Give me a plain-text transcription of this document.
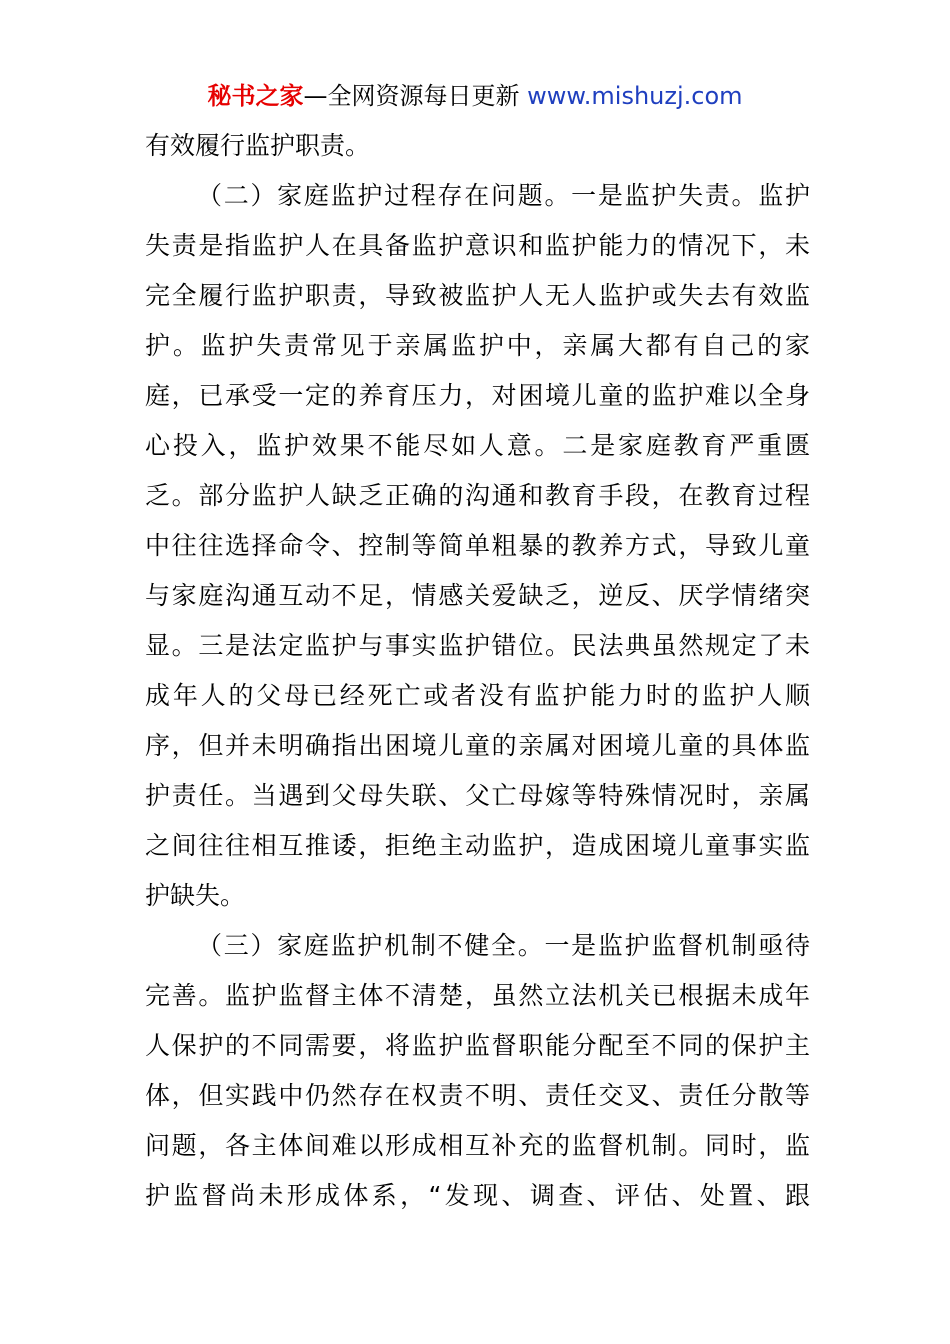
秘书之家—全网资源每日更新 www.mishuzj.com
有效履行监护职责。
（二）家庭监护过程存在问题。一是监护失责。监护
失责是指监护人在具备监护意识和监护能力的情况下，未
完全履行监护职责，导致被监护人无人监护或失去有效监
护。监护失责常见于亲属监护中，亲属大都有自己的家
庭，已承受一定的养育压力，对困境儿童的监护难以全身
心投入，监护效果不能尽如人意。二是家庭教育严重匮
乏。部分监护人缺乏正确的沟通和教育手段，在教育过程
中往往选择命令、控制等简单粗暴的教养方式，导致儿童
与家庭沟通互动不足，情感关爱缺乏，逆反、厌学情绪突
显。三是法定监护与事实监护错位。民法典虽然规定了未
成年人的父母已经死亡或者没有监护能力时的监护人顺
序，但并未明确指出困境儿童的亲属对困境儿童的具体监
护责任。当遇到父母失联、父亡母嫁等特殊情况时，亲属
之间往往相互推诿，拒绝主动监护，造成困境儿童事实监
护缺失。
（三）家庭监护机制不健全。一是监护监督机制亟待
完善。监护监督主体不清楚，虽然立法机关已根据未成年
人保护的不同需要，将监护监督职能分配至不同的保护主
体，但实践中仍然存在权责不明、责任交叉、责任分散等
问题，各主体间难以形成相互补充的监督机制。同时，监
护监督尚未形成体系，“发现、调查、评估、处置、跟
